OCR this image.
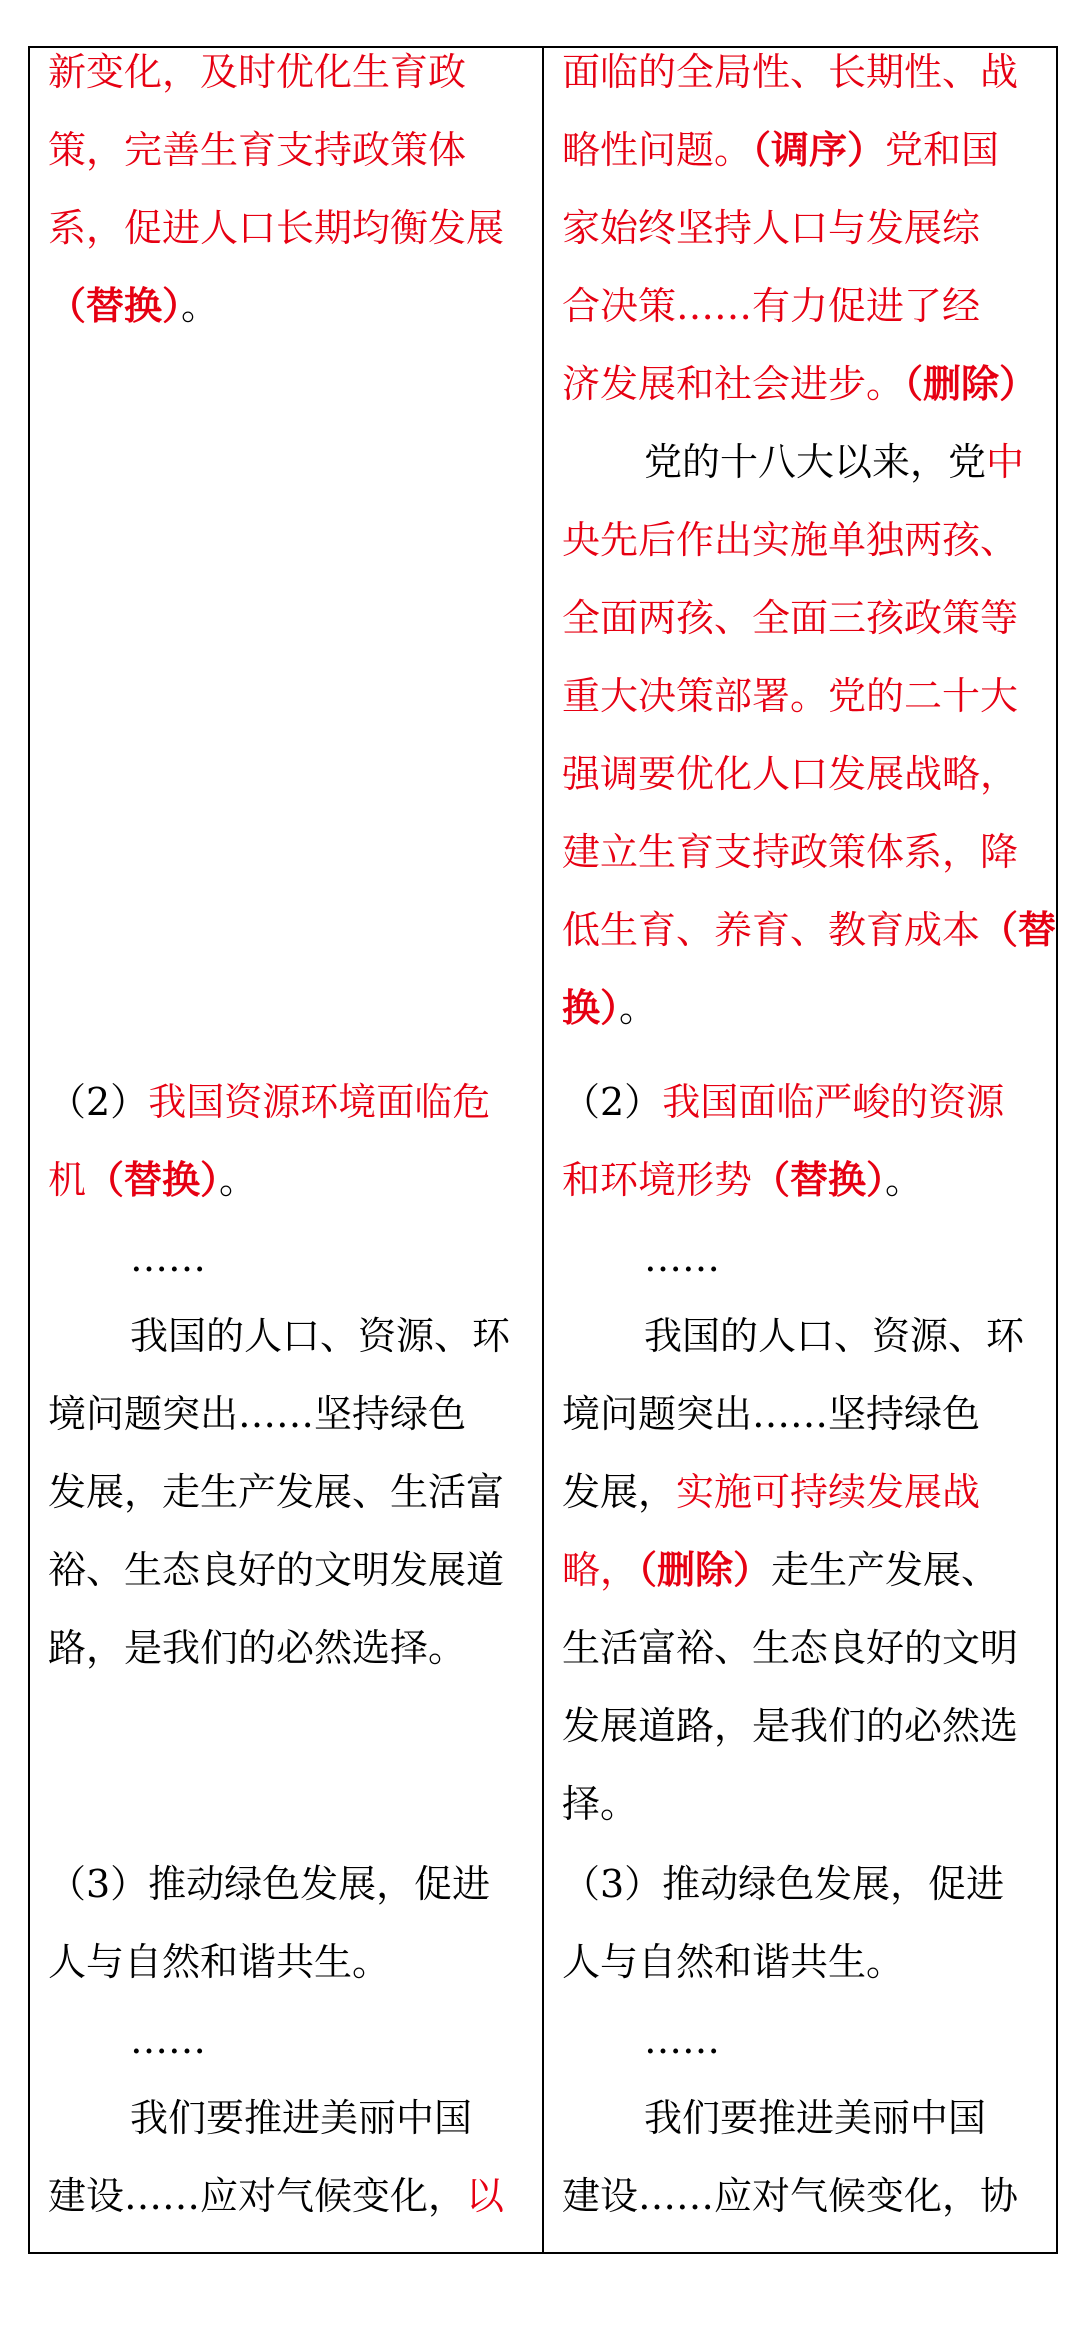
新变化，及时优化生育政
策，完善生育支持政策体
系，促进人口长期均衡发展
（替换）。
（2）我国资源环境面临危
机（替换）。
……
我国的人口、资源、环
境问题突出……坚持绿色
发展，走生产发展、生活富
裕、生态良好的文明发展道
路，是我们的必然选择。
（3）推动绿色发展，促进
人与自然和谐共生。
……
我们要推进美丽中国
建设……应对气候变化，以

面临的全局性、长期性、战
略性问题。（调序）党和国
家始终坚持人口与发展综
合决策……有力促进了经
济发展和社会进步。（删除）
党的十八大以来，党中
央先后作出实施单独两孩、
全面两孩、全面三孩政策等
重大决策部署。党的二十大
强调要优化人口发展战略，
建立生育支持政策体系，降
低生育、养育、教育成本（替
换）。
（2）我国面临严峻的资源
和环境形势（替换）。
……
我国的人口、资源、环
境问题突出……坚持绿色
发展，实施可持续发展战
略，（删除）走生产发展、
生活富裕、生态良好的文明
发展道路，是我们的必然选
择。
（3）推动绿色发展，促进
人与自然和谐共生。
……
我们要推进美丽中国
建设……应对气候变化，协
